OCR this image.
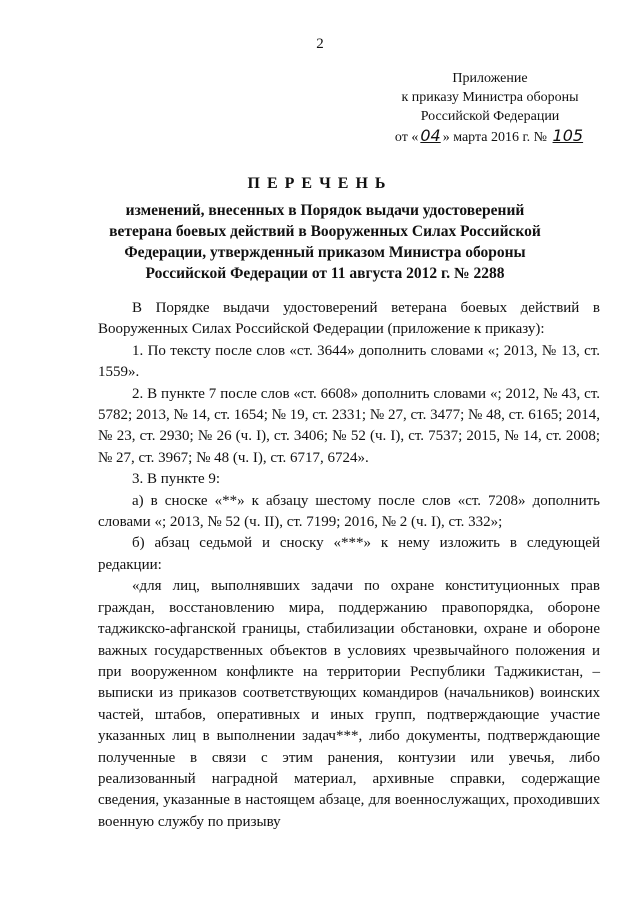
2
Приложение
к приказу Министра обороны
Российской Федерации
от « 04 » марта 2016 г. № 105
ПЕРЕЧЕНЬ
изменений, внесенных в Порядок выдачи удостоверений ветерана боевых действий в Вооруженных Силах Российской Федерации, утвержденный приказом Министра обороны Российской Федерации от 11 августа 2012 г. № 2288

В Порядке выдачи удостоверений ветерана боевых действий в Вооруженных Силах Российской Федерации (приложение к приказу):

1. По тексту после слов «ст. 3644» дополнить словами «; 2013, № 13, ст. 1559».

2. В пункте 7 после слов «ст. 6608» дополнить словами «; 2012, № 43, ст. 5782; 2013, № 14, ст. 1654; № 19, ст. 2331; № 27, ст. 3477; № 48, ст. 6165; 2014, № 23, ст. 2930; № 26 (ч. I), ст. 3406; № 52 (ч. I), ст. 7537; 2015, № 14, ст. 2008; № 27, ст. 3967; № 48 (ч. I), ст. 6717, 6724».

3. В пункте 9:

а) в сноске «**» к абзацу шестому после слов «ст. 7208» дополнить словами «; 2013, № 52 (ч. II), ст. 7199; 2016, № 2 (ч. I), ст. 332»;

б) абзац седьмой и сноску «***» к нему изложить в следующей редакции:

«для лиц, выполнявших задачи по охране конституционных прав граждан, восстановлению мира, поддержанию правопорядка, обороне таджикско-афганской границы, стабилизации обстановки, охране и обороне важных государственных объектов в условиях чрезвычайного положения и при вооруженном конфликте на территории Республики Таджикистан, – выписки из приказов соответствующих командиров (начальников) воинских частей, штабов, оперативных и иных групп, подтверждающие участие указанных лиц в выполнении задач***, либо документы, подтверждающие полученные в связи с этим ранения, контузии или увечья, либо реализованный наградной материал, архивные справки, содержащие сведения, указанные в настоящем абзаце, для военнослужащих, проходивших военную службу по призыву
